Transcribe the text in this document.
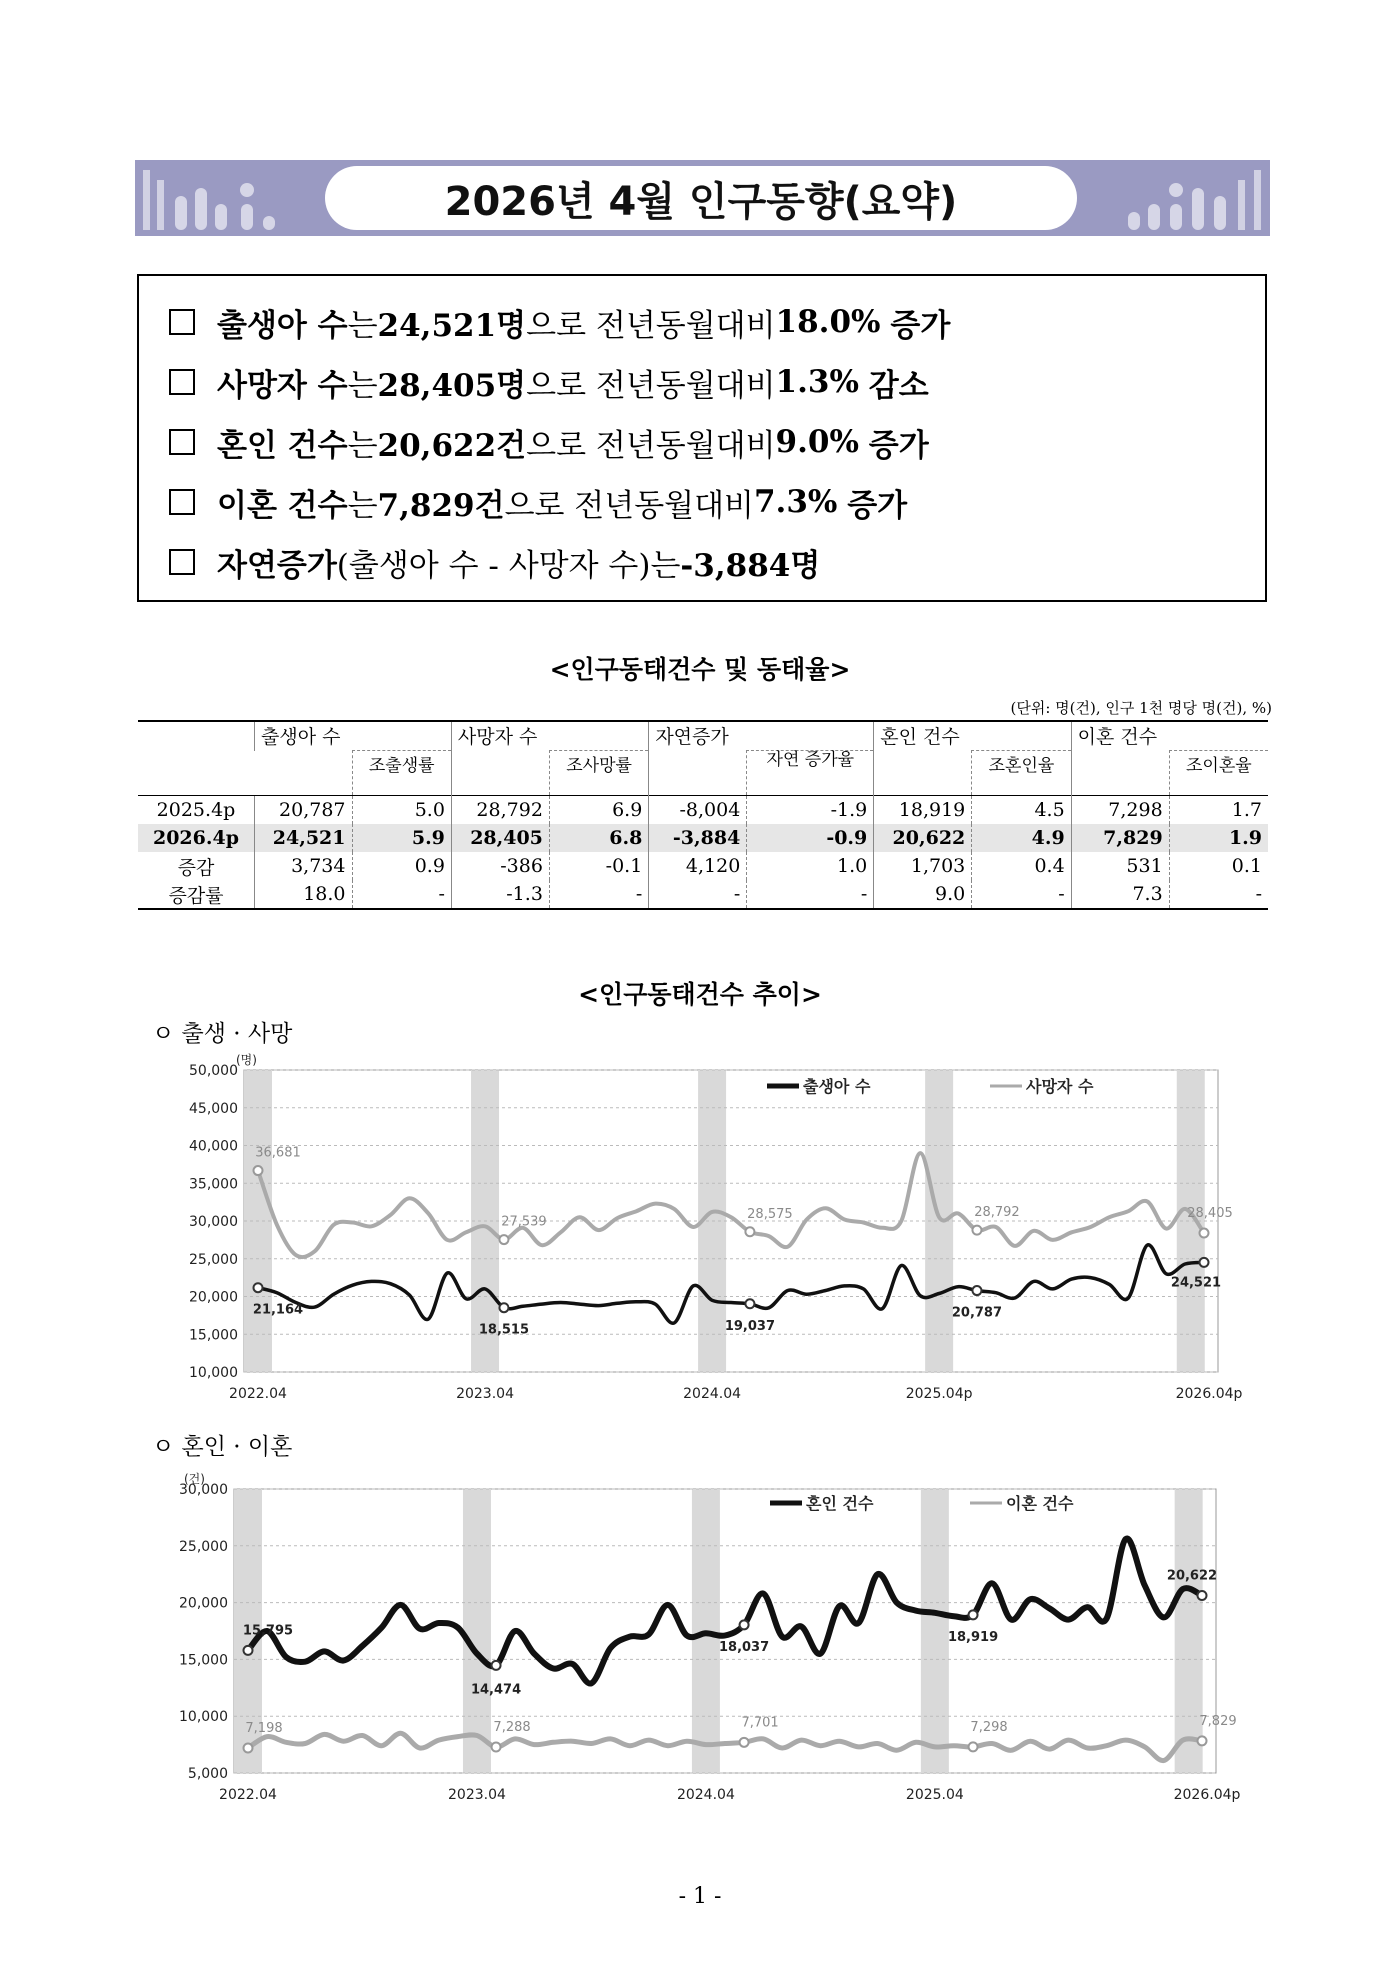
2026년 4월 인구동향(요약)
출생아 수 는 24,521명 으로 전년동월대비 18.0%
증가
사망자 수 는 28,405명 으로 전년동월대비 1.3%
감소
혼인 건수 는 20,622건 으로 전년동월대비 9.0%
증가
이혼 건수 는 7,829건 으로 전년동월대비 7.3%
증가
자연증가 (출생아 수 - 사망자 수)는 -3,884명
<인구동태건수 및 동태율>
(단위: 명(건), 인구 1천 명당 명(건), %)
	출생아 수		사망자 수		자연증가		혼인 건수		이혼 건수	
		조출생률		조사망률		자연 증가율		조혼인율		조이혼율
2025.4p	20,787	5.0	28,792	6.9	-8,004	-1.9	18,919	4.5	7,298	1.7
2026.4p	24,521	5.9	28,405	6.8	-3,884	-0.9	20,622	4.9	7,829	1.9
증감	3,734	0.9	-386	-0.1	4,120	1.0	1,703	0.4	531	0.1
증감률	18.0	-	-1.3	-	-	-	9.0	-	7.3	-
<인구동태건수 추이>
ㅇ 출생 · 사망
10,000
15,000
20,000
25,000
30,000
35,000
40,000
45,000
50,000
(명)
2022.04	2023.04	2024.04	2025.04p	2026.04p
36,681
27,539
28,575	28,792	28,405
21,164
18,515	19,037
20,787
24,521
출생아 수	사망자 수
ㅇ 혼인 · 이혼
5,000
10,000
15,000
20,000
25,000
30,000
(건)
2022.04	2023.04	2024.04	2025.04	2026.04p
15,795
14,474
18,037
18,919
20,622
7,198	7,288	7,701	7,298	7,829
혼인 건수	이혼 건수
- 1 -
